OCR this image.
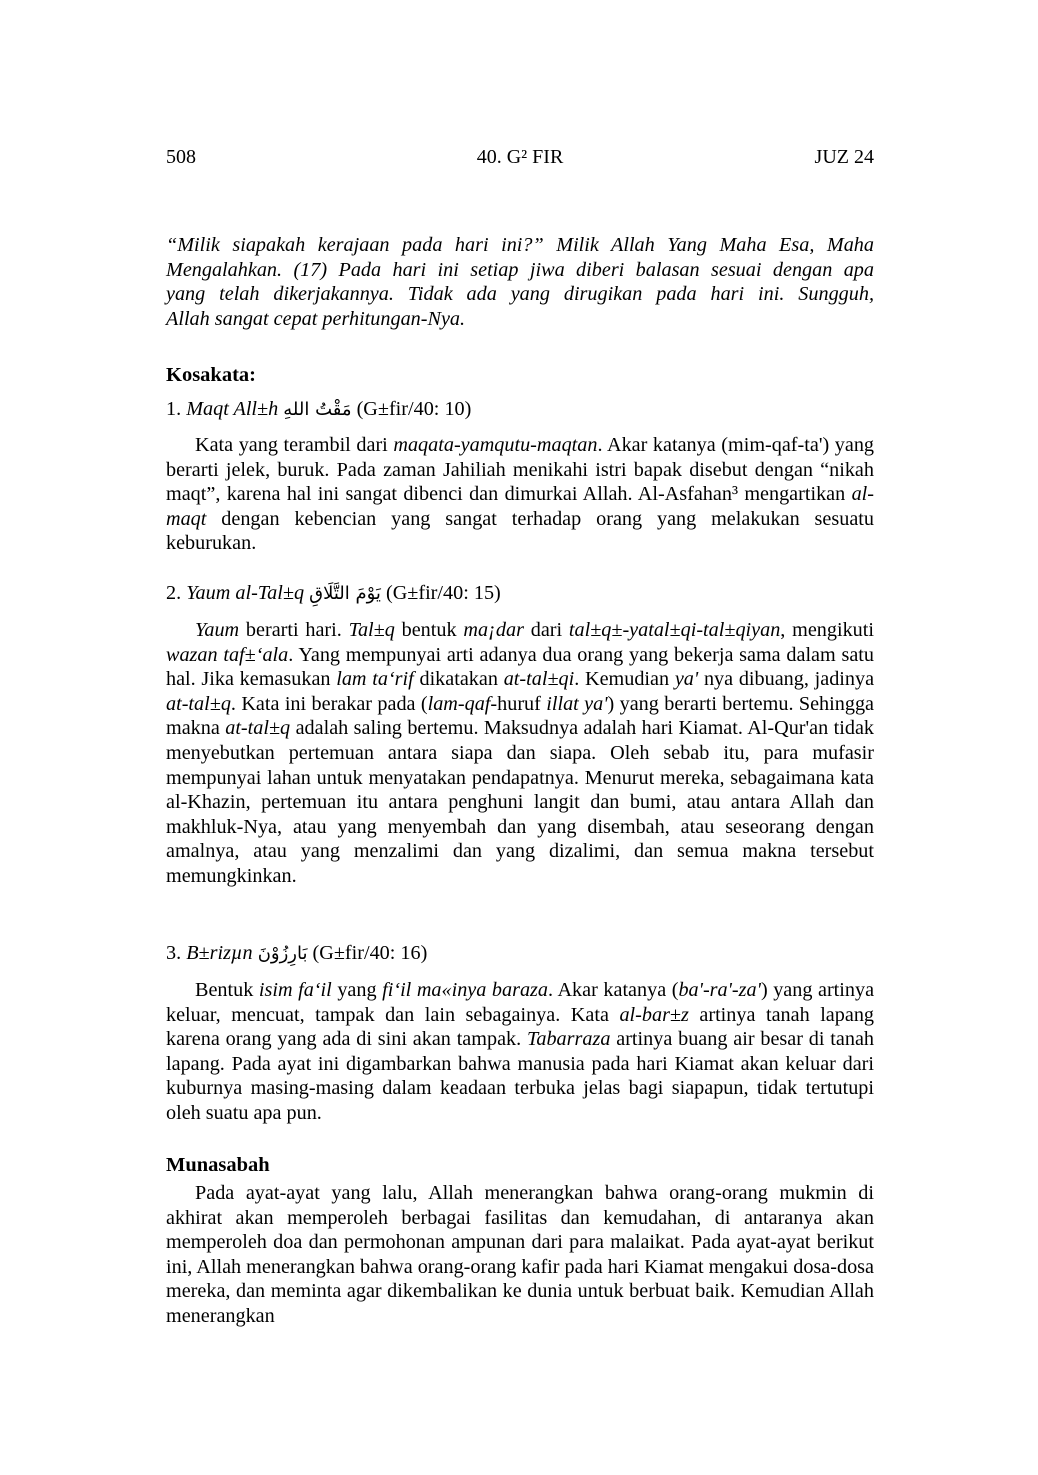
508	40. G² FIR	JUZ 24
“Milik siapakah kerajaan pada hari ini?” Milik Allah Yang Maha Esa, Maha
Mengalahkan. (17) Pada hari ini setiap jiwa diberi balasan sesuai dengan apa
yang telah dikerjakannya. Tidak ada yang dirugikan pada hari ini. Sungguh,
Allah sangat cepat perhitungan-Nya.
Kosakata:
1. Maqt All±h مَقْتُ اللهِ (G±fir/40: 10)
Kata yang terambil dari maqata-yamqutu-maqtan. Akar katanya (mim-qaf-ta') yang berarti jelek, buruk. Pada zaman Jahiliah menikahi istri bapak disebut dengan “nikah maqt”, karena hal ini sangat dibenci dan dimurkai Allah. Al-Asfahan³ mengartikan al-maqt dengan kebencian yang sangat terhadap orang yang melakukan sesuatu keburukan.
2. Yaum al-Tal±q يَوْمَ التَّلَاقِ (G±fir/40: 15)
Yaum berarti hari. Tal±q bentuk ma¡dar dari tal±q±-yatal±qi-tal±qiyan, mengikuti wazan taf±‘ala. Yang mempunyai arti adanya dua orang yang bekerja sama dalam satu hal. Jika kemasukan lam ta‘rif dikatakan at-tal±qi. Kemudian ya' nya dibuang, jadinya at-tal±q. Kata ini berakar pada (lam-qaf-huruf illat ya') yang berarti bertemu. Sehingga makna at-tal±q adalah saling bertemu. Maksudnya adalah hari Kiamat. Al-Qur'an tidak menyebutkan pertemuan antara siapa dan siapa. Oleh sebab itu, para mufasir mempunyai lahan untuk menyatakan pendapatnya. Menurut mereka, sebagaimana kata al-Khazin, pertemuan itu antara penghuni langit dan bumi, atau antara Allah dan makhluk-Nya, atau yang menyembah dan yang disembah, atau seseorang dengan amalnya, atau yang menzalimi dan yang dizalimi, dan semua makna tersebut memungkinkan.
3. B±rizµn بَارِزُوْنَ (G±fir/40: 16)
Bentuk isim fa‘il yang fi‘il ma«inya baraza. Akar katanya (ba'-ra'-za') yang artinya keluar, mencuat, tampak dan lain sebagainya. Kata al-bar±z artinya tanah lapang karena orang yang ada di sini akan tampak. Tabarraza artinya buang air besar di tanah lapang. Pada ayat ini digambarkan bahwa manusia pada hari Kiamat akan keluar dari kuburnya masing-masing dalam keadaan terbuka jelas bagi siapapun, tidak tertutupi oleh suatu apa pun.
Munasabah
Pada ayat-ayat yang lalu, Allah menerangkan bahwa orang-orang mukmin di akhirat akan memperoleh berbagai fasilitas dan kemudahan, di antaranya akan memperoleh doa dan permohonan ampunan dari para malaikat. Pada ayat-ayat berikut ini, Allah menerangkan bahwa orang-orang kafir pada hari Kiamat mengakui dosa-dosa mereka, dan meminta agar dikembalikan ke dunia untuk berbuat baik. Kemudian Allah menerangkan
